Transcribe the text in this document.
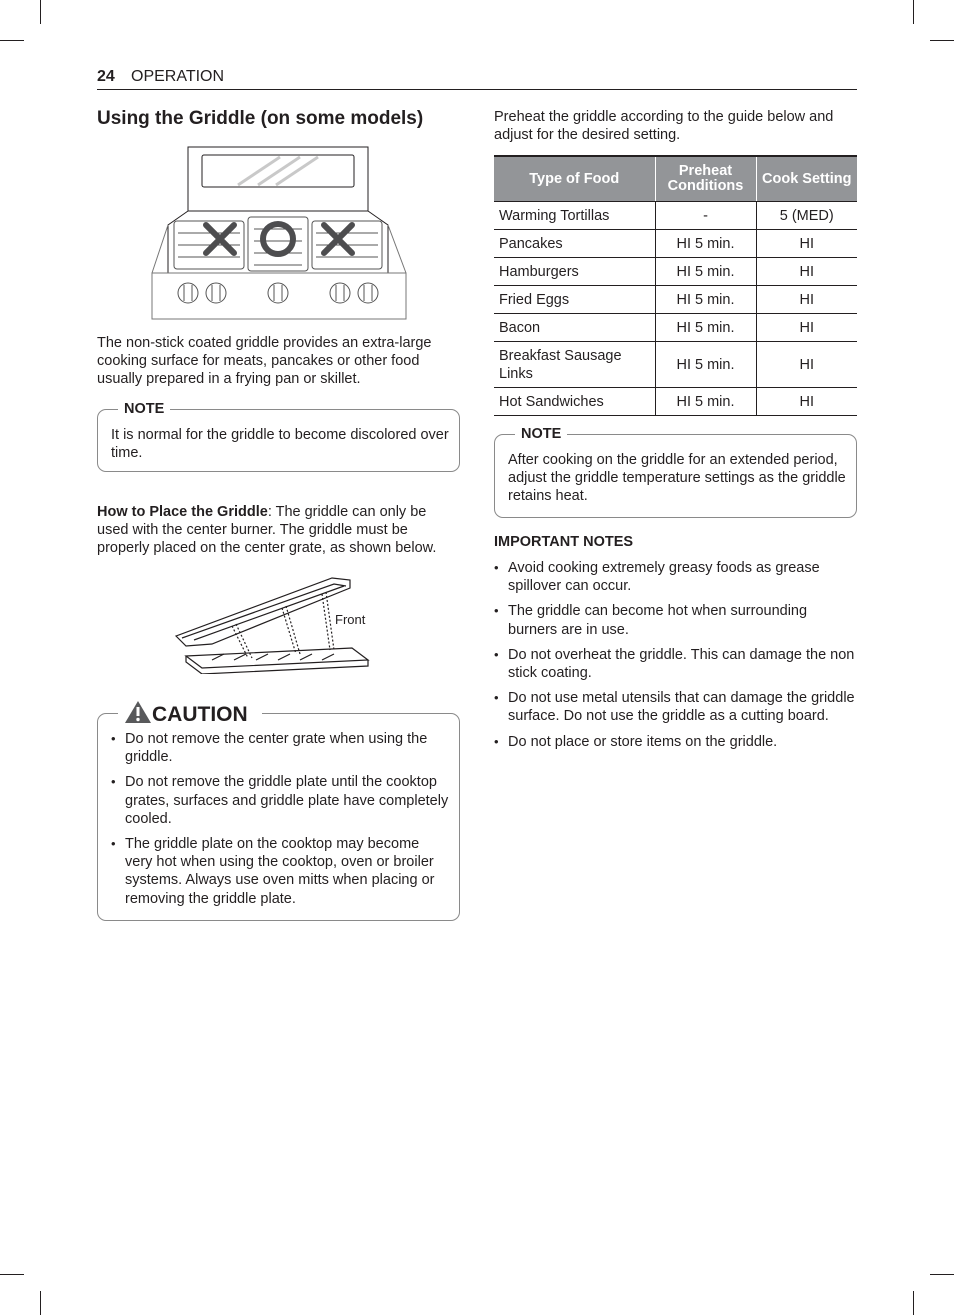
24 OPERATION
Using the Griddle (on some models)

The non-stick coated griddle provides an extra-large cooking surface for meats, pancakes or other food usually prepared in a frying pan or skillet.

NOTE

It is normal for the griddle to become discolored over time.

How to Place the Griddle: The griddle can only be used with the center burner. The griddle must be properly placed on the center grate, as shown below.

Front
CAUTION
• Do not remove the center grate when using the griddle.
• Do not remove the griddle plate until the cooktop grates, surfaces and griddle plate have completely cooled.
• The griddle plate on the cooktop may become very hot when using the cooktop, oven or broiler systems. Always use oven mitts when placing or removing the griddle plate.

Preheat the griddle according to the guide below and adjust for the desired setting.

Type of Food	Preheat Conditions	Cook Setting
Warming Tortillas	-	5 (MED)
Pancakes	HI 5 min.	HI
Hamburgers	HI 5 min.	HI
Fried Eggs	HI 5 min.	HI
Bacon	HI 5 min.	HI
Breakfast Sausage Links	HI 5 min.	HI
Hot Sandwiches	HI 5 min.	HI
NOTE

After cooking on the griddle for an extended period, adjust the griddle temperature settings as the griddle retains heat.

IMPORTANT NOTES

• Avoid cooking extremely greasy foods as grease spillover can occur.
• The griddle can become hot when surrounding burners are in use.
• Do not overheat the griddle. This can damage the non stick coating.
• Do not use metal utensils that can damage the griddle surface. Do not use the griddle as a cutting board.
• Do not place or store items on the griddle.
